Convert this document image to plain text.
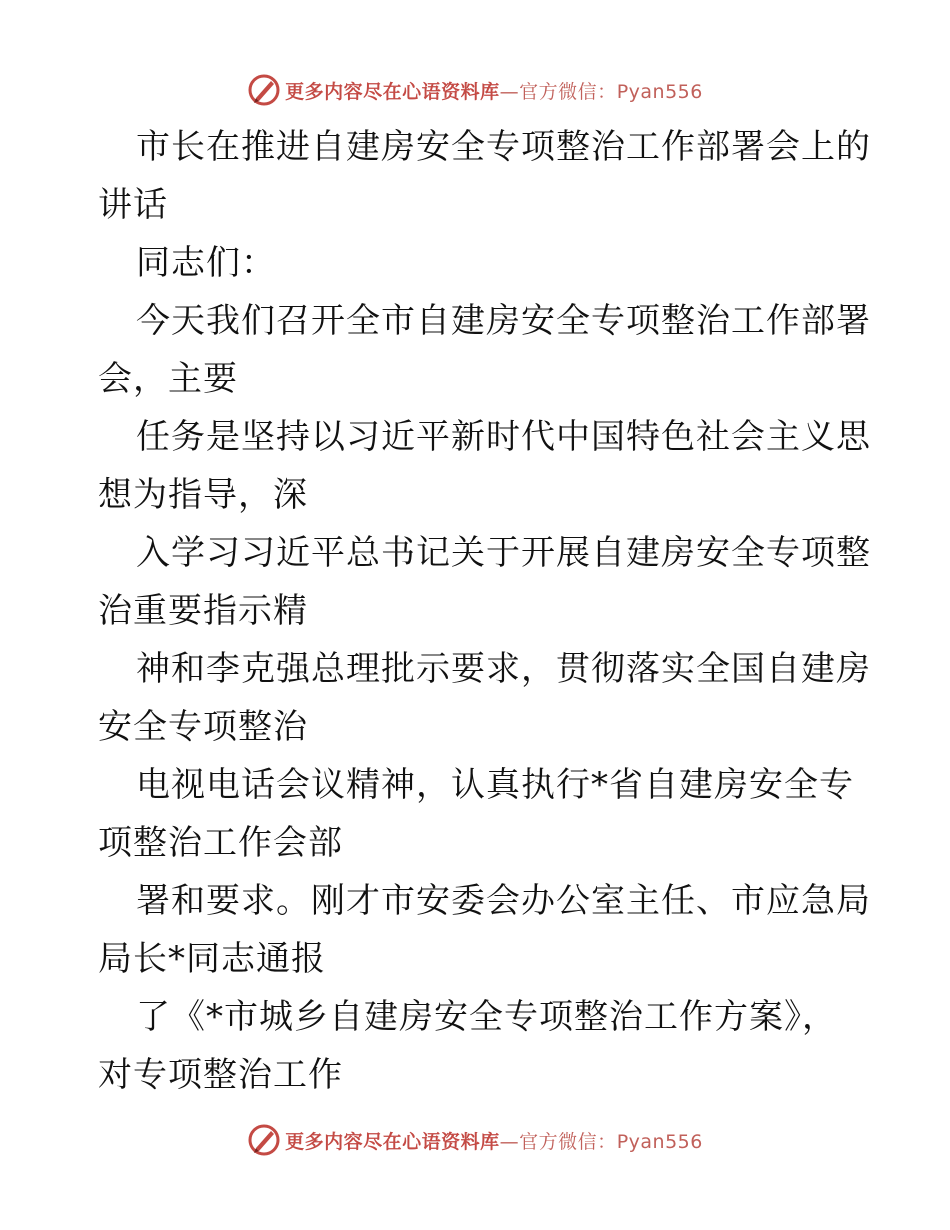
更多内容尽在心语资料库—官方微信：Pyan556
市长在推进自建房安全专项整治工作部署会上的
讲话
同志们：
今天我们召开全市自建房安全专项整治工作部署
会，主要
任务是坚持以习近平新时代中国特色社会主义思
想为指导，深
入学习习近平总书记关于开展自建房安全专项整
治重要指示精
神和李克强总理批示要求，贯彻落实全国自建房
安全专项整治
电视电话会议精神，认真执行*省自建房安全专
项整治工作会部
署和要求。刚才市安委会办公室主任、市应急局
局长*同志通报
了《*市城乡自建房安全专项整治工作方案》，
对专项整治工作
更多内容尽在心语资料库—官方微信：Pyan556
